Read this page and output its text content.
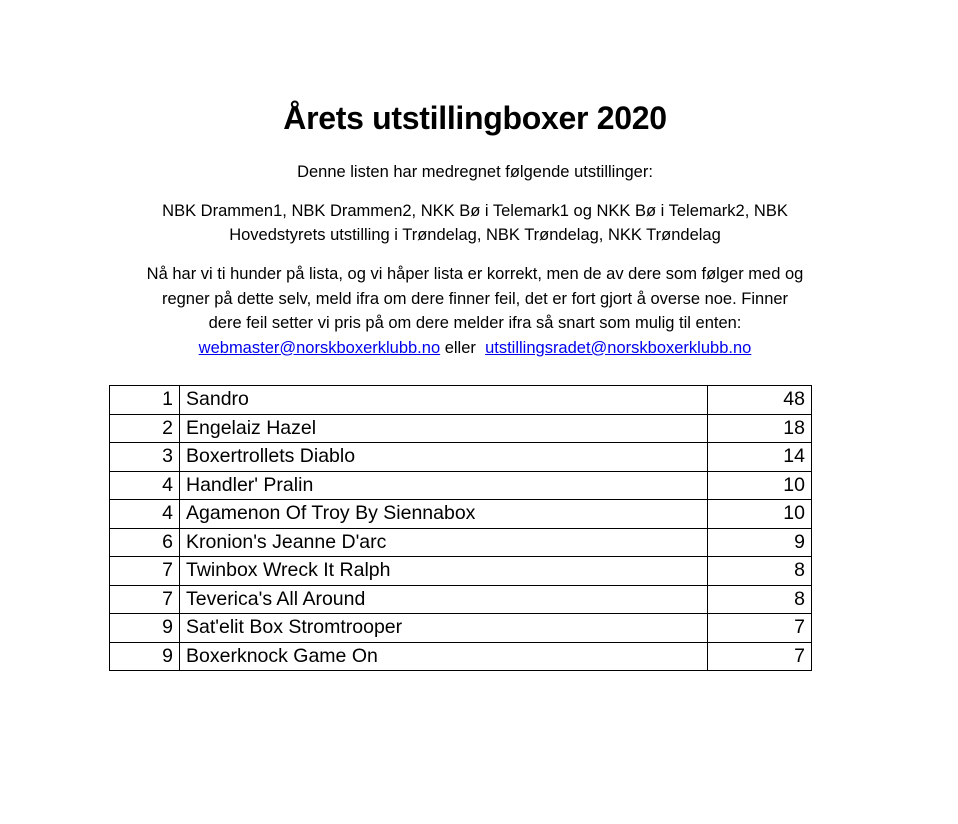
Årets utstillingboxer 2020
Denne listen har medregnet følgende utstillinger:
NBK Drammen1, NBK Drammen2, NKK Bø i Telemark1 og NKK Bø i Telemark2, NBK
Hovedstyrets utstilling i Trøndelag, NBK Trøndelag, NKK Trøndelag
Nå har vi ti hunder på lista, og vi håper lista er korrekt, men de av dere som følger med og
regner på dette selv, meld ifra om dere finner feil, det er fort gjort å overse noe. Finner
dere feil setter vi pris på om dere melder ifra så snart som mulig til enten:
webmaster@norskboxerklubb.no eller utstillingsradet@norskboxerklubb.no
1	Sandro	48
2	Engelaiz Hazel	18
3	Boxertrollets Diablo	14
4	Handler' Pralin	10
4	Agamenon Of Troy By Siennabox	10
6	Kronion's Jeanne D'arc	9
7	Twinbox Wreck It Ralph	8
7	Teverica's All Around	8
9	Sat'elit Box Stromtrooper	7
9	Boxerknock Game On	7
